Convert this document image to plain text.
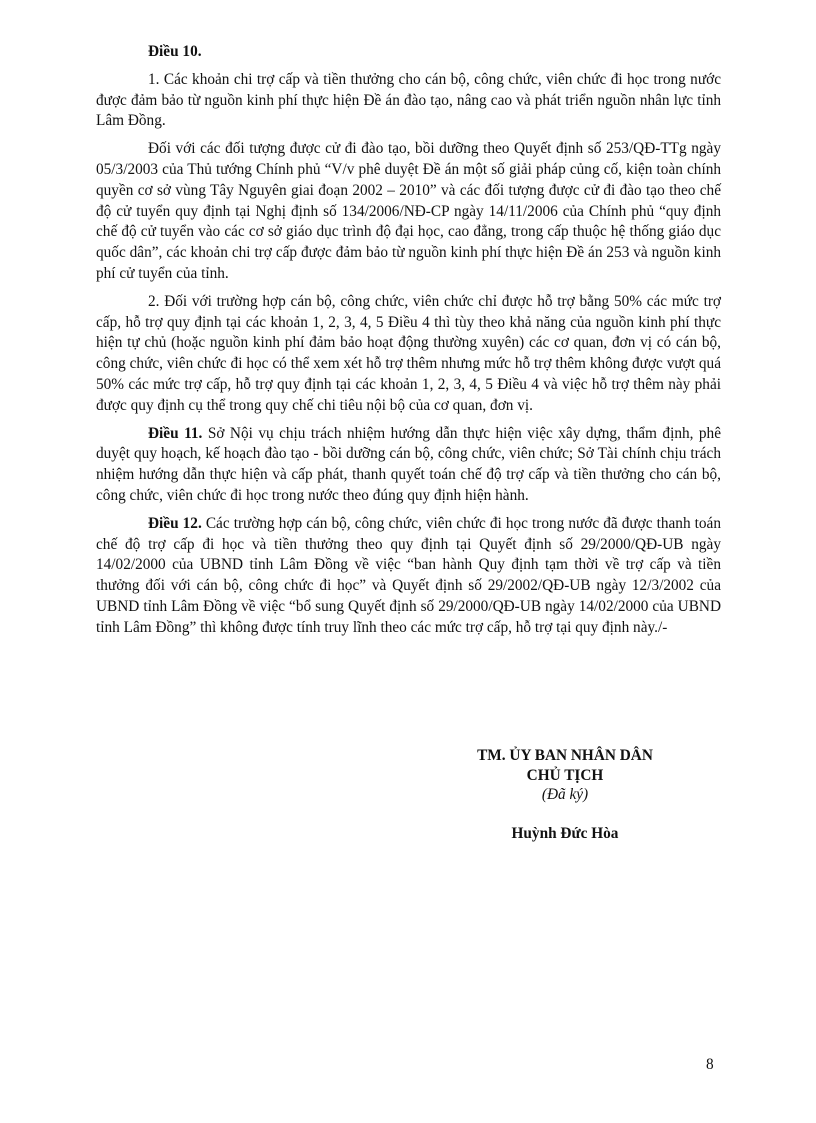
Điều 10.

1. Các khoản chi trợ cấp và tiền thưởng cho cán bộ, công chức, viên chức đi học trong nước được đảm bảo từ nguồn kinh phí thực hiện Đề án đào tạo, nâng cao và phát triển nguồn nhân lực tỉnh Lâm Đồng.

Đối với các đối tượng được cử đi đào tạo, bồi dưỡng theo Quyết định số 253/QĐ-TTg ngày 05/3/2003 của Thủ tướng Chính phủ “V/v phê duyệt Đề án một số giải pháp củng cố, kiện toàn chính quyền cơ sở vùng Tây Nguyên giai đoạn 2002 – 2010” và các đối tượng được cử đi đào tạo theo chế độ cử tuyển quy định tại Nghị định số 134/2006/NĐ-CP ngày 14/11/2006 của Chính phủ “quy định chế độ cử tuyển vào các cơ sở giáo dục trình độ đại học, cao đẳng, trong cấp thuộc hệ thống giáo dục quốc dân”, các khoản chi trợ cấp được đảm bảo từ nguồn kinh phí thực hiện Đề án 253 và nguồn kinh phí cử tuyển của tỉnh.

2. Đối với trường hợp cán bộ, công chức, viên chức chỉ được hỗ trợ bằng 50% các mức trợ cấp, hỗ trợ quy định tại các khoản 1, 2, 3, 4, 5 Điều 4 thì tùy theo khả năng của nguồn kinh phí thực hiện tự chủ (hoặc nguồn kinh phí đảm bảo hoạt động thường xuyên) các cơ quan, đơn vị có cán bộ, công chức, viên chức đi học có thể xem xét hỗ trợ thêm nhưng mức hỗ trợ thêm không được vượt quá 50% các mức trợ cấp, hỗ trợ quy định tại các khoản 1, 2, 3, 4, 5 Điều 4 và việc hỗ trợ thêm này phải được quy định cụ thể trong quy chế chi tiêu nội bộ của cơ quan, đơn vị.

Điều 11. Sở Nội vụ chịu trách nhiệm hướng dẫn thực hiện việc xây dựng, thẩm định, phê duyệt quy hoạch, kế hoạch đào tạo - bồi dưỡng cán bộ, công chức, viên chức; Sở Tài chính chịu trách nhiệm hướng dẫn thực hiện và cấp phát, thanh quyết toán chế độ trợ cấp và tiền thưởng cho cán bộ, công chức, viên chức đi học trong nước theo đúng quy định hiện hành.

Điều 12. Các trường hợp cán bộ, công chức, viên chức đi học trong nước đã được thanh toán chế độ trợ cấp đi học và tiền thưởng theo quy định tại Quyết định số 29/2000/QĐ-UB ngày 14/02/2000 của UBND tỉnh Lâm Đồng về việc “ban hành Quy định tạm thời về trợ cấp và tiền thưởng đối với cán bộ, công chức đi học” và Quyết định số 29/2002/QĐ-UB ngày 12/3/2002 của UBND tỉnh Lâm Đồng về việc “bổ sung Quyết định số 29/2000/QĐ-UB ngày 14/02/2000 của UBND tỉnh Lâm Đồng” thì không được tính truy lĩnh theo các mức trợ cấp, hỗ trợ tại quy định này./-

TM. ỦY BAN NHÂN DÂN

CHỦ TỊCH

(Đã ký)

Huỳnh Đức Hòa

8
